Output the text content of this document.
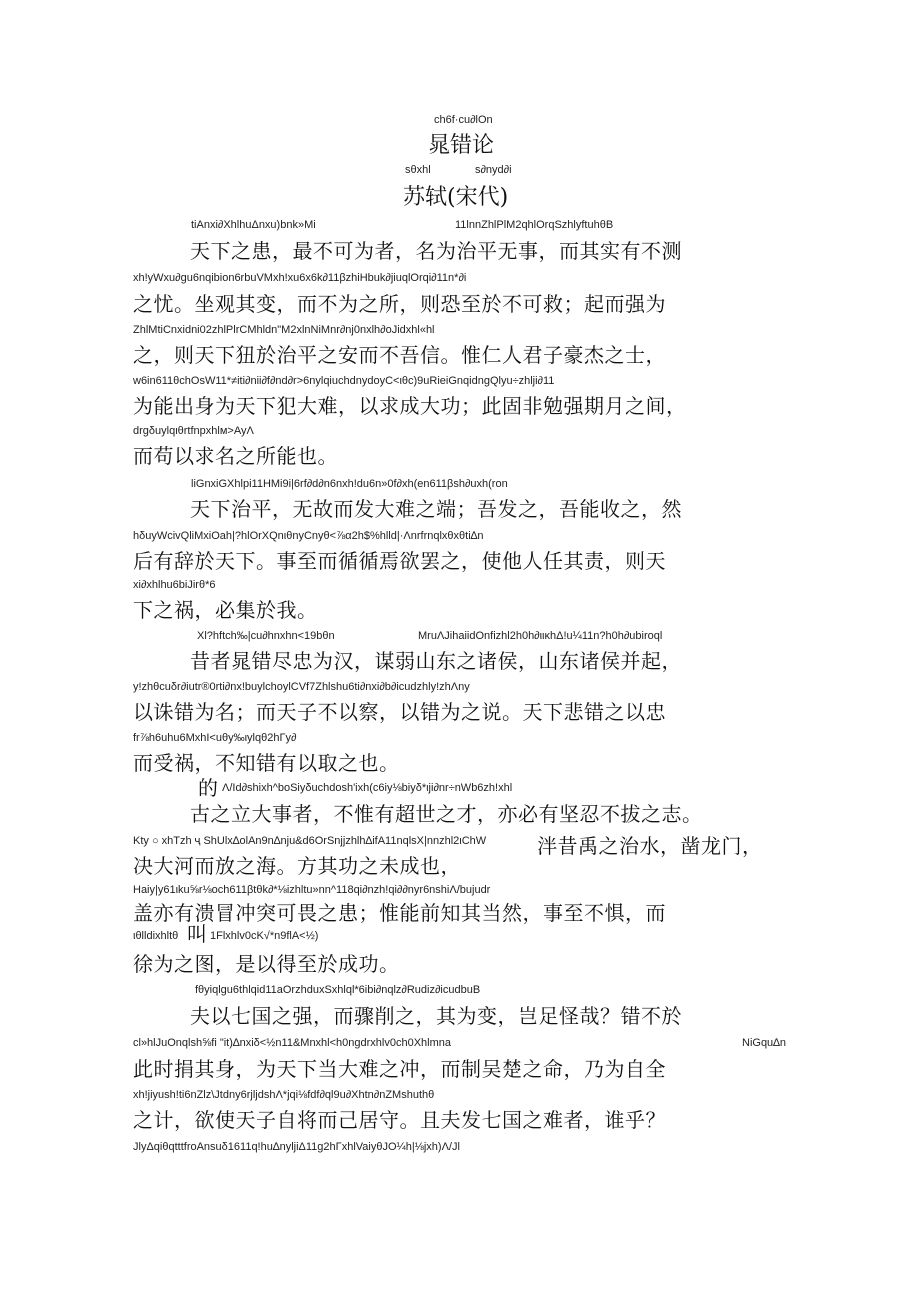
ch6f·cu∂lOn
晁错论
sθxhl	s∂nyd∂i
苏轼(宋代)
tiAnxi∂XhlhuΔnxu)bnk»Mi	11lnnZhlPlM2qhlOrqSzhlyftuhθB
天下之患，最不可为者，名为治平无事，而其实有不测
xh!yWxu∂gu6nqibion6rbuVMxh!xu6x6k∂11βzhiHbuk∂jiuqlOrqi∂11n*∂i
之忧。坐观其变，而不为之所，则恐至於不可救；起而强为
ZhlMtiCnxidni02zhlPlrCMhldn"M2xlnNiMnr∂nj0nxlh∂oJidxhl«hl
之，则天下狃於治平之安而不吾信。惟仁人君子豪杰之士，
w6in611θchOsW11*≠iti∂nii∂f∂nd∂r>6nylqiuchdnydoyC<ιθc)9uRieiGnqidngQlyu÷zhlji∂11
为能出身为天下犯大难，以求成大功；此固非勉强期月之间，
drgδuylqιθrtfnpxhlм>AyΛ
而苟以求名之所能也。
liGnxiGXhlpi11HMi9i|6rf∂d∂n6nxh!du6n»0f∂xh(en611βsh∂uxh(ron
天下治平，无故而发大难之端；吾发之，吾能收之，然
hδuyWcivQliMxiOah|?hlOrXQnιθnyCnyθ<⅞α2h$%hlld|·Λnrfrnqlxθxθti∆n
后有辞於天下。事至而循循焉欲罢之，使他人任其责，则天
xi∂xhlhu6biJirθ*6
下之祸，必集於我。
Xl?hftch‰|cu∂hnxhn<19bθn	MruΛJihaiidOnfizhl2h0h∂ιικhΔ!u¼11n?h0h∂ubiroql
昔者晁错尽忠为汉，谋弱山东之诸侯，山东诸侯并起，
y!zhθcuδr∂iutr®0rti∂nx!buylchoylCVf7Zhlshu6ti∂nxi∂b∂icudzhly!zhΛny
以诛错为名；而天子不以察，以错为之说。天下悲错之以忠
fr⅞h6uhu6MxhI<uθy‰ιylqθ2hΓy∂
而受祸，不知错有以取之也。
的 Λ/Id∂shixh^boSiyδuchdosh'ixh(c6iy⅛biyδ*ιji∂nr÷nWb6zh!xhl
古之立大事者，不惟有超世之才，亦必有坚忍不拔之志。
Kty ○ xhTzh ҷ ShUlx∆olAn9n∆nju&d6OrSnjjzhlh∆ifA11nqlsX|nnzhl2ιChW	泮昔禹之治水，凿龙门，
决大河而放之海。方其功之未成也，
Haiy|y61ιku⅝r⅛och611βtθk∂*⅛izhltu»nn^118qi∂nzh!qi∂∂nyr6nshiΛ/bujudr
盖亦有溃冒冲突可畏之患；惟能前知其当然，事至不惧，而
ιθlldixhltθ 叫 1Flxhlv0cK√*n9flA<½)
徐为之图，是以得至於成功。
fθyiqlgu6thlqid11aOrzhduxSxhlql*6ibi∂nqlz∂Rudiz∂icudbuB
夫以七国之强，而骤削之，其为变，岂足怪哉？错不於
cl»hlJuOnqlsh⅝fi "it)∆nxiδ<½n11&Mnxhl<h0ngdrxhlv0ch0Xhlmna	NiGqu∆n
此时捐其身，为天下当大难之冲，而制吴楚之命，乃为自全
xh!jiyush!ti6nZlz\Jtdny6rjljdshΛ*jqi⅛fdf∂ql9u∂Xhtn∂nZMshuthθ
之计，欲使天子自将而己居守。且夫发七国之难者，谁乎？
JlyΔqiθqtttfroAnsuδ1611q!hu∆nyljiΔ11g2hΓxhlVaiyθJO¼h|⅛jxh)Λ/Jl
